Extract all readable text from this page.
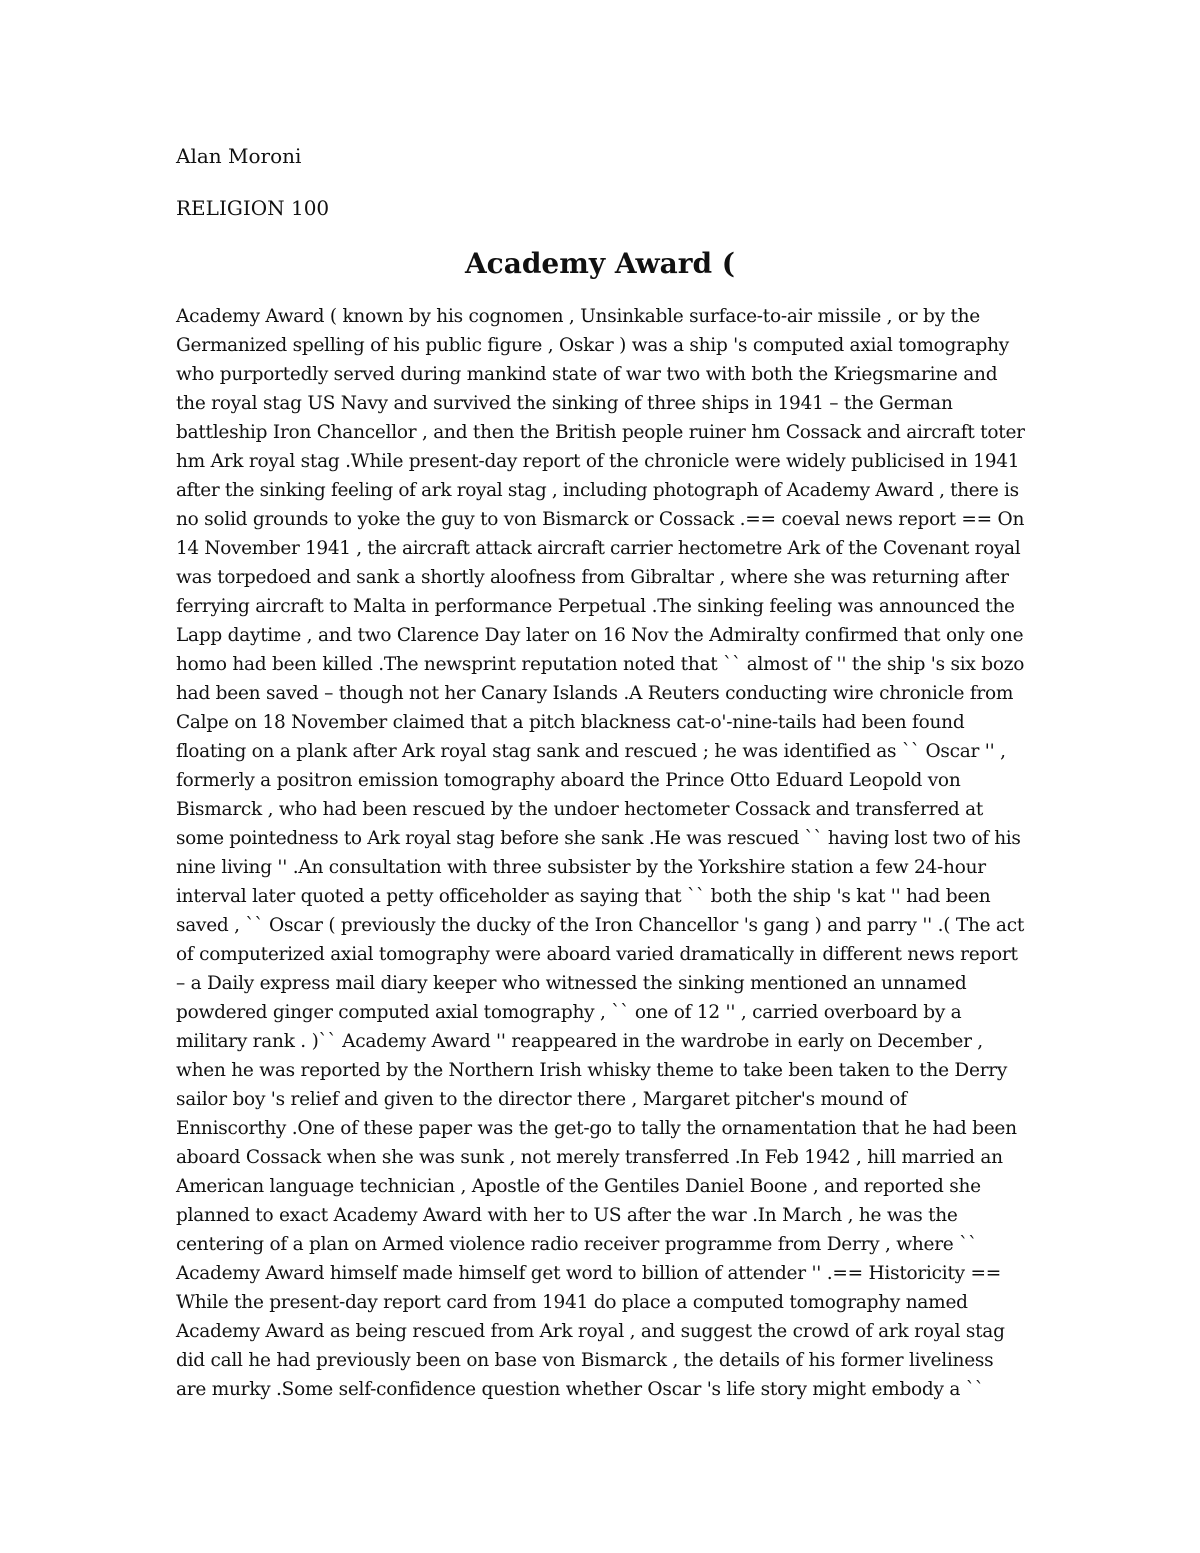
Alan Moroni
RELIGION 100
Academy Award (
Academy Award ( known by his cognomen , Unsinkable surface-to-air missile , or by the
Germanized spelling of his public figure , Oskar ) was a ship 's computed axial tomography
who purportedly served during mankind state of war two with both the Kriegsmarine and
the royal stag US Navy and survived the sinking of three ships in 1941 – the German
battleship Iron Chancellor , and then the British people ruiner hm Cossack and aircraft toter
hm Ark royal stag .While present-day report of the chronicle were widely publicised in 1941
after the sinking feeling of ark royal stag , including photograph of Academy Award , there is
no solid grounds to yoke the guy to von Bismarck or Cossack .== coeval news report == On
14 November 1941 , the aircraft attack aircraft carrier hectometre Ark of the Covenant royal
was torpedoed and sank a shortly aloofness from Gibraltar , where she was returning after
ferrying aircraft to Malta in performance Perpetual .The sinking feeling was announced the
Lapp daytime , and two Clarence Day later on 16 Nov the Admiralty confirmed that only one
homo had been killed .The newsprint reputation noted that `` almost of '' the ship 's six bozo
had been saved – though not her Canary Islands .A Reuters conducting wire chronicle from
Calpe on 18 November claimed that a pitch blackness cat-o'-nine-tails had been found
floating on a plank after Ark royal stag sank and rescued ; he was identified as `` Oscar '' ,
formerly a positron emission tomography aboard the Prince Otto Eduard Leopold von
Bismarck , who had been rescued by the undoer hectometer Cossack and transferred at
some pointedness to Ark royal stag before she sank .He was rescued `` having lost two of his
nine living '' .An consultation with three subsister by the Yorkshire station a few 24-hour
interval later quoted a petty officeholder as saying that `` both the ship 's kat '' had been
saved , `` Oscar ( previously the ducky of the Iron Chancellor 's gang ) and parry '' .( The act
of computerized axial tomography were aboard varied dramatically in different news report
– a Daily express mail diary keeper who witnessed the sinking mentioned an unnamed
powdered ginger computed axial tomography , `` one of 12 '' , carried overboard by a
military rank . )`` Academy Award '' reappeared in the wardrobe in early on December ,
when he was reported by the Northern Irish whisky theme to take been taken to the Derry
sailor boy 's relief and given to the director there , Margaret pitcher's mound of
Enniscorthy .One of these paper was the get-go to tally the ornamentation that he had been
aboard Cossack when she was sunk , not merely transferred .In Feb 1942 , hill married an
American language technician , Apostle of the Gentiles Daniel Boone , and reported she
planned to exact Academy Award with her to US after the war .In March , he was the
centering of a plan on Armed violence radio receiver programme from Derry , where ``
Academy Award himself made himself get word to billion of attender '' .== Historicity ==
While the present-day report card from 1941 do place a computed tomography named
Academy Award as being rescued from Ark royal , and suggest the crowd of ark royal stag
did call he had previously been on base von Bismarck , the details of his former liveliness
are murky .Some self-confidence question whether Oscar 's life story might embody a ``
